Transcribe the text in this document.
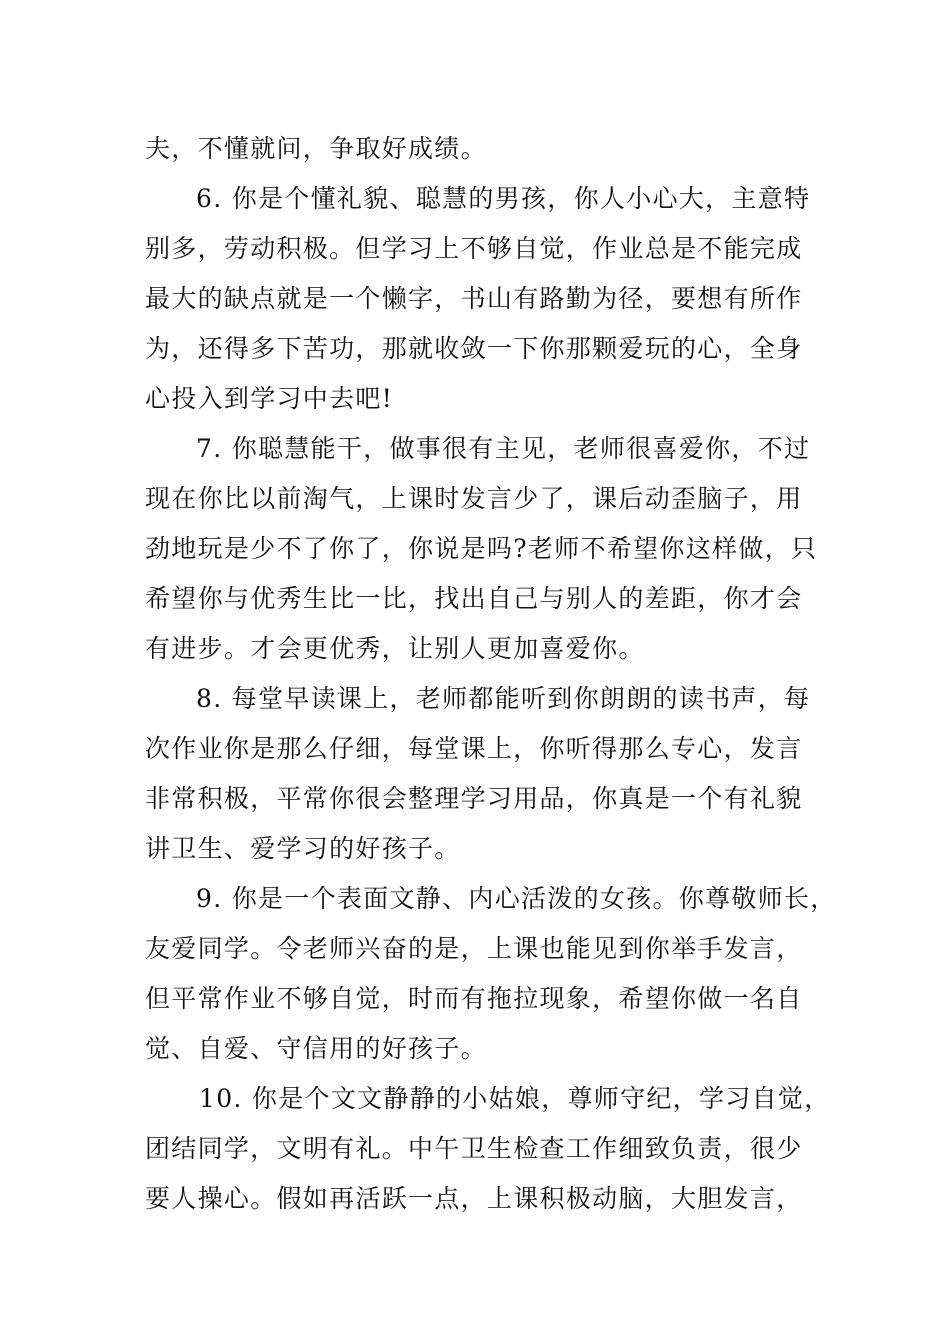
夫，不懂就问，争取好成绩。
6. 你是个懂礼貌、聪慧的男孩，你人小心大，主意特
别多，劳动积极。但学习上不够自觉，作业总是不能完成
最大的缺点就是一个懒字，书山有路勤为径，要想有所作
为，还得多下苦功，那就收敛一下你那颗爱玩的心，全身
心投入到学习中去吧!
7. 你聪慧能干，做事很有主见，老师很喜爱你，不过
现在你比以前淘气，上课时发言少了，课后动歪脑子，用
劲地玩是少不了你了，你说是吗?老师不希望你这样做，只
希望你与优秀生比一比，找出自己与别人的差距，你才会
有进步。才会更优秀，让别人更加喜爱你。
8. 每堂早读课上，老师都能听到你朗朗的读书声，每
次作业你是那么仔细，每堂课上，你听得那么专心，发言
非常积极，平常你很会整理学习用品，你真是一个有礼貌
讲卫生、爱学习的好孩子。
9. 你是一个表面文静、内心活泼的女孩。你尊敬师长，
友爱同学。令老师兴奋的是，上课也能见到你举手发言，
但平常作业不够自觉，时而有拖拉现象，希望你做一名自
觉、自爱、守信用的好孩子。
10. 你是个文文静静的小姑娘，尊师守纪，学习自觉，
团结同学，文明有礼。中午卫生检查工作细致负责，很少
要人操心。假如再活跃一点，上课积极动脑，大胆发言，
